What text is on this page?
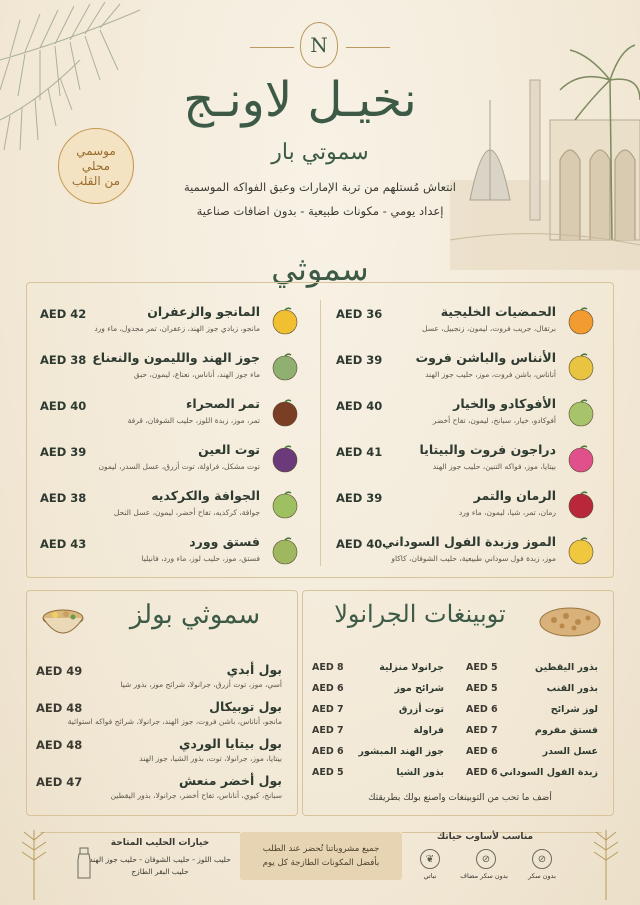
N
نخيـل لاونـج
سموتي بار
انتعاش مُستلهم من تربة الإمارات وعبق الفواكه الموسمية
إعداد يومي - مكونات طبيعية - بدون اضافات صناعية
موسمي
محلي
من القلب
سموثي
الحمضيات الخليجية
برتقال، جريب فروت، ليمون، زنجبيل، عسل
AED 36
الأنناس والباشن فروت
أناناس، باشن فروت، موز، حليب جوز الهند
AED 39
الأفوكادو والخيار
أفوكادو، خيار، سبانخ، ليمون، تفاح أخضر
AED 40
دراجون فروت والبيتايا
بيتايا، موز، فواكه التنين، حليب جوز الهند
AED 41
الرمان والتمر
رمان، تمر، شيا، ليمون، ماء ورد
AED 39
الموز وزبدة الفول السوداني
موز، زبدة فول سوداني طبيعية، حليب الشوفان، كاكاو
AED 40
المانجو والزعفران
مانجو، زبادي جوز الهند، زعفران، تمر مجدول، ماء ورد
AED 42
جوز الهند والليمون والنعناع
ماء جوز الهند، أناناس، نعناع، ليمون، حبق
AED 38
تمر الصحراء
تمر، موز، زبدة اللوز، حليب الشوفان، قرفة
AED 40
توت العين
توت مشكل، فراولة، توت أزرق، عسل السدر، ليمون
AED 39
الجوافة والكركديه
جوافة، كركديه، تفاح أخضر، ليمون، عسل النحل
AED 38
فستق وورد
فستق، موز، حليب لوز، ماء ورد، فانيليا
AED 43
سموثي بولز
بول أبدي
أسي، موز، توت أزرق، جرانولا، شرائح موز، بذور شيا
AED 49
بول توبيكال
مانجو، أناناس، باشن فروت، جوز الهند، جرانولا، شرائح فواكه استوائية
AED 48
بول بيتايا الوردي
بيتايا، موز، جرانولا، توت، بذور الشيا، جوز الهند
AED 48
بول أخضر منعش
سبانخ، كيوي، أناناس، تفاح أخضر، جرانولا، بذور اليقطين
AED 47
توبينغات الجرانولا
بذور اليقطين
AED 5
بذور القنب
AED 5
لوز شرائح
AED 6
فستق مفروم
AED 7
عسل السدر
AED 6
زبدة الفول السوداني
AED 6
جرانولا منزلية
AED 8
شرائح موز
AED 6
توت أزرق
AED 7
فراولة
AED 7
جوز الهند المبشور
AED 6
بذور الشيا
AED 5
أضف ما تحب من التوبينغات واصنع بولك بطريقتك
خيارات الحليب المتاحة
حليب اللوز - حليب الشوفان - حليب جوز الهند
حليب البقر الطازج
جميع مشروباتنا تُحضر عند الطلب
بأفضل المكونات الطازجة كل يوم
مناسب لأساوب حياتك
⊘
بدون سكر
⊘
بدون سكر مضاف
❦
نباتي
